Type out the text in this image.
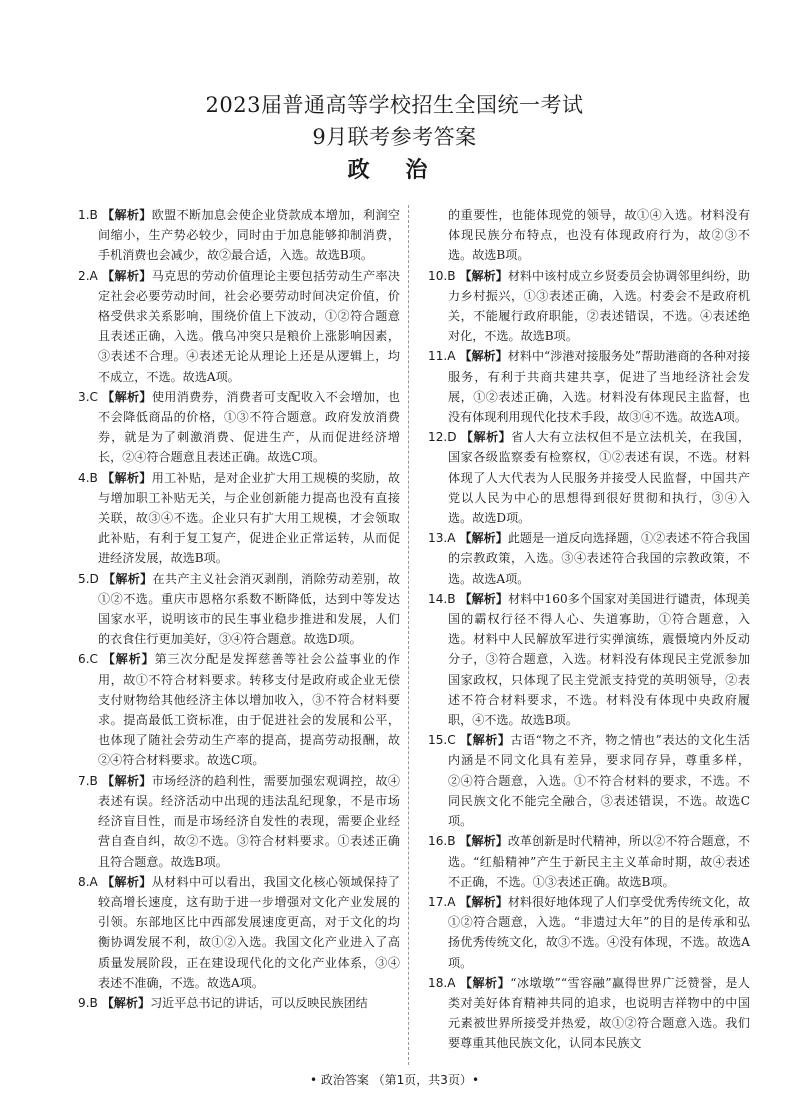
2023届普通高等学校招生全国统一考试
9月联考参考答案
政 治
1.B 【解析】欧盟不断加息会使企业贷款成本增加，利润空间缩小，生产势必较少，同时由于加息能够抑制消费，手机消费也会减少，故②最合适，入选。故选B项。
2.A 【解析】马克思的劳动价值理论主要包括劳动生产率决定社会必要劳动时间，社会必要劳动时间决定价值，价格受供求关系影响，围绕价值上下波动，①②符合题意且表述正确，入选。俄乌冲突只是粮价上涨影响因素，③表述不合理。④表述无论从理论上还是从逻辑上，均不成立，不选。故选A项。
3.C 【解析】使用消费券，消费者可支配收入不会增加，也不会降低商品的价格，①③不符合题意。政府发放消费券，就是为了刺激消费、促进生产，从而促进经济增长，②④符合题意且表述正确。故选C项。
4.B 【解析】用工补贴，是对企业扩大用工规模的奖励，故与增加职工补贴无关，与企业创新能力提高也没有直接关联，故③④不选。企业只有扩大用工规模，才会领取此补贴，有利于复工复产，促进企业正常运转，从而促进经济发展，故选B项。
5.D 【解析】在共产主义社会消灭剥削，消除劳动差别，故①②不选。重庆市恩格尔系数不断降低，达到中等发达国家水平，说明该市的民生事业稳步推进和发展，人们的衣食住行更加美好，③④符合题意。故选D项。
6.C 【解析】第三次分配是发挥慈善等社会公益事业的作用，故①不符合材料要求。转移支付是政府或企业无偿支付财物给其他经济主体以增加收入，③不符合材料要求。提高最低工资标准，由于促进社会的发展和公平，也体现了随社会劳动生产率的提高，提高劳动报酬，故②④符合材料要求。故选C项。
7.B 【解析】市场经济的趋利性，需要加强宏观调控，故④表述有误。经济活动中出现的违法乱纪现象，不是市场经济盲目性，而是市场经济自发性的表现，需要企业经营自查自纠，故②不选。③符合材料要求。①表述正确且符合题意。故选B项。
8.A 【解析】从材料中可以看出，我国文化核心领域保持了较高增长速度，这有助于进一步增强对文化产业发展的引领。东部地区比中西部发展速度更高，对于文化的均衡协调发展不利，故①②入选。我国文化产业进入了高质量发展阶段，正在建设现代化的文化产业体系，③④表述不准确，不选。故选A项。
9.B 【解析】习近平总书记的讲话，可以反映民族团结
的重要性，也能体现党的领导，故①④入选。材料没有体现民族分布特点，也没有体现政府行为，故②③不选。故选B项。
10.B 【解析】材料中该村成立乡贤委员会协调邻里纠纷，助力乡村振兴，①③表述正确，入选。村委会不是政府机关，不能履行政府职能，②表述错误，不选。④表述绝对化，不选。故选B项。
11.A 【解析】材料中“涉港对接服务处”帮助港商的各种对接服务，有利于共商共建共享，促进了当地经济社会发展，①②表述正确，入选。材料没有体现民主监督，也没有体现利用现代化技术手段，故③④不选。故选A项。
12.D 【解析】省人大有立法权但不是立法机关，在我国，国家各级监察委有检察权，①②表述有误，不选。材料体现了人大代表为人民服务并接受人民监督，中国共产党以人民为中心的思想得到很好贯彻和执行，③④入选。故选D项。
13.A 【解析】此题是一道反向选择题，①②表述不符合我国的宗教政策，入选。③④表述符合我国的宗教政策，不选。故选A项。
14.B 【解析】材料中160多个国家对美国进行谴责，体现美国的霸权行径不得人心、失道寡助，①符合题意，入选。材料中人民解放军进行实弹演练，震慑境内外反动分子，③符合题意，入选。材料没有体现民主党派参加国家政权，只体现了民主党派支持党的英明领导，②表述不符合材料要求，不选。材料没有体现中央政府履职，④不选。故选B项。
15.C 【解析】古语“物之不齐，物之情也”表达的文化生活内涵是不同文化具有差异，要求同存异，尊重多样，②④符合题意，入选。①不符合材料的要求，不选。不同民族文化不能完全融合，③表述错误，不选。故选C项。
16.B 【解析】改革创新是时代精神，所以②不符合题意，不选。“红船精神”产生于新民主主义革命时期，故④表述不正确，不选。①③表述正确。故选B项。
17.A 【解析】材料很好地体现了人们享受优秀传统文化，故①②符合题意，入选。“非遗过大年”的目的是传承和弘扬优秀传统文化，故③不选。④没有体现，不选。故选A项。
18.A 【解析】“冰墩墩”“雪容融”赢得世界广泛赞誉，是人类对美好体育精神共同的追求，也说明吉祥物中的中国元素被世界所接受并热爱，故①②符合题意入选。我们要尊重其他民族文化，认同本民族文
• 政治答案 （第1页，共3页）•
